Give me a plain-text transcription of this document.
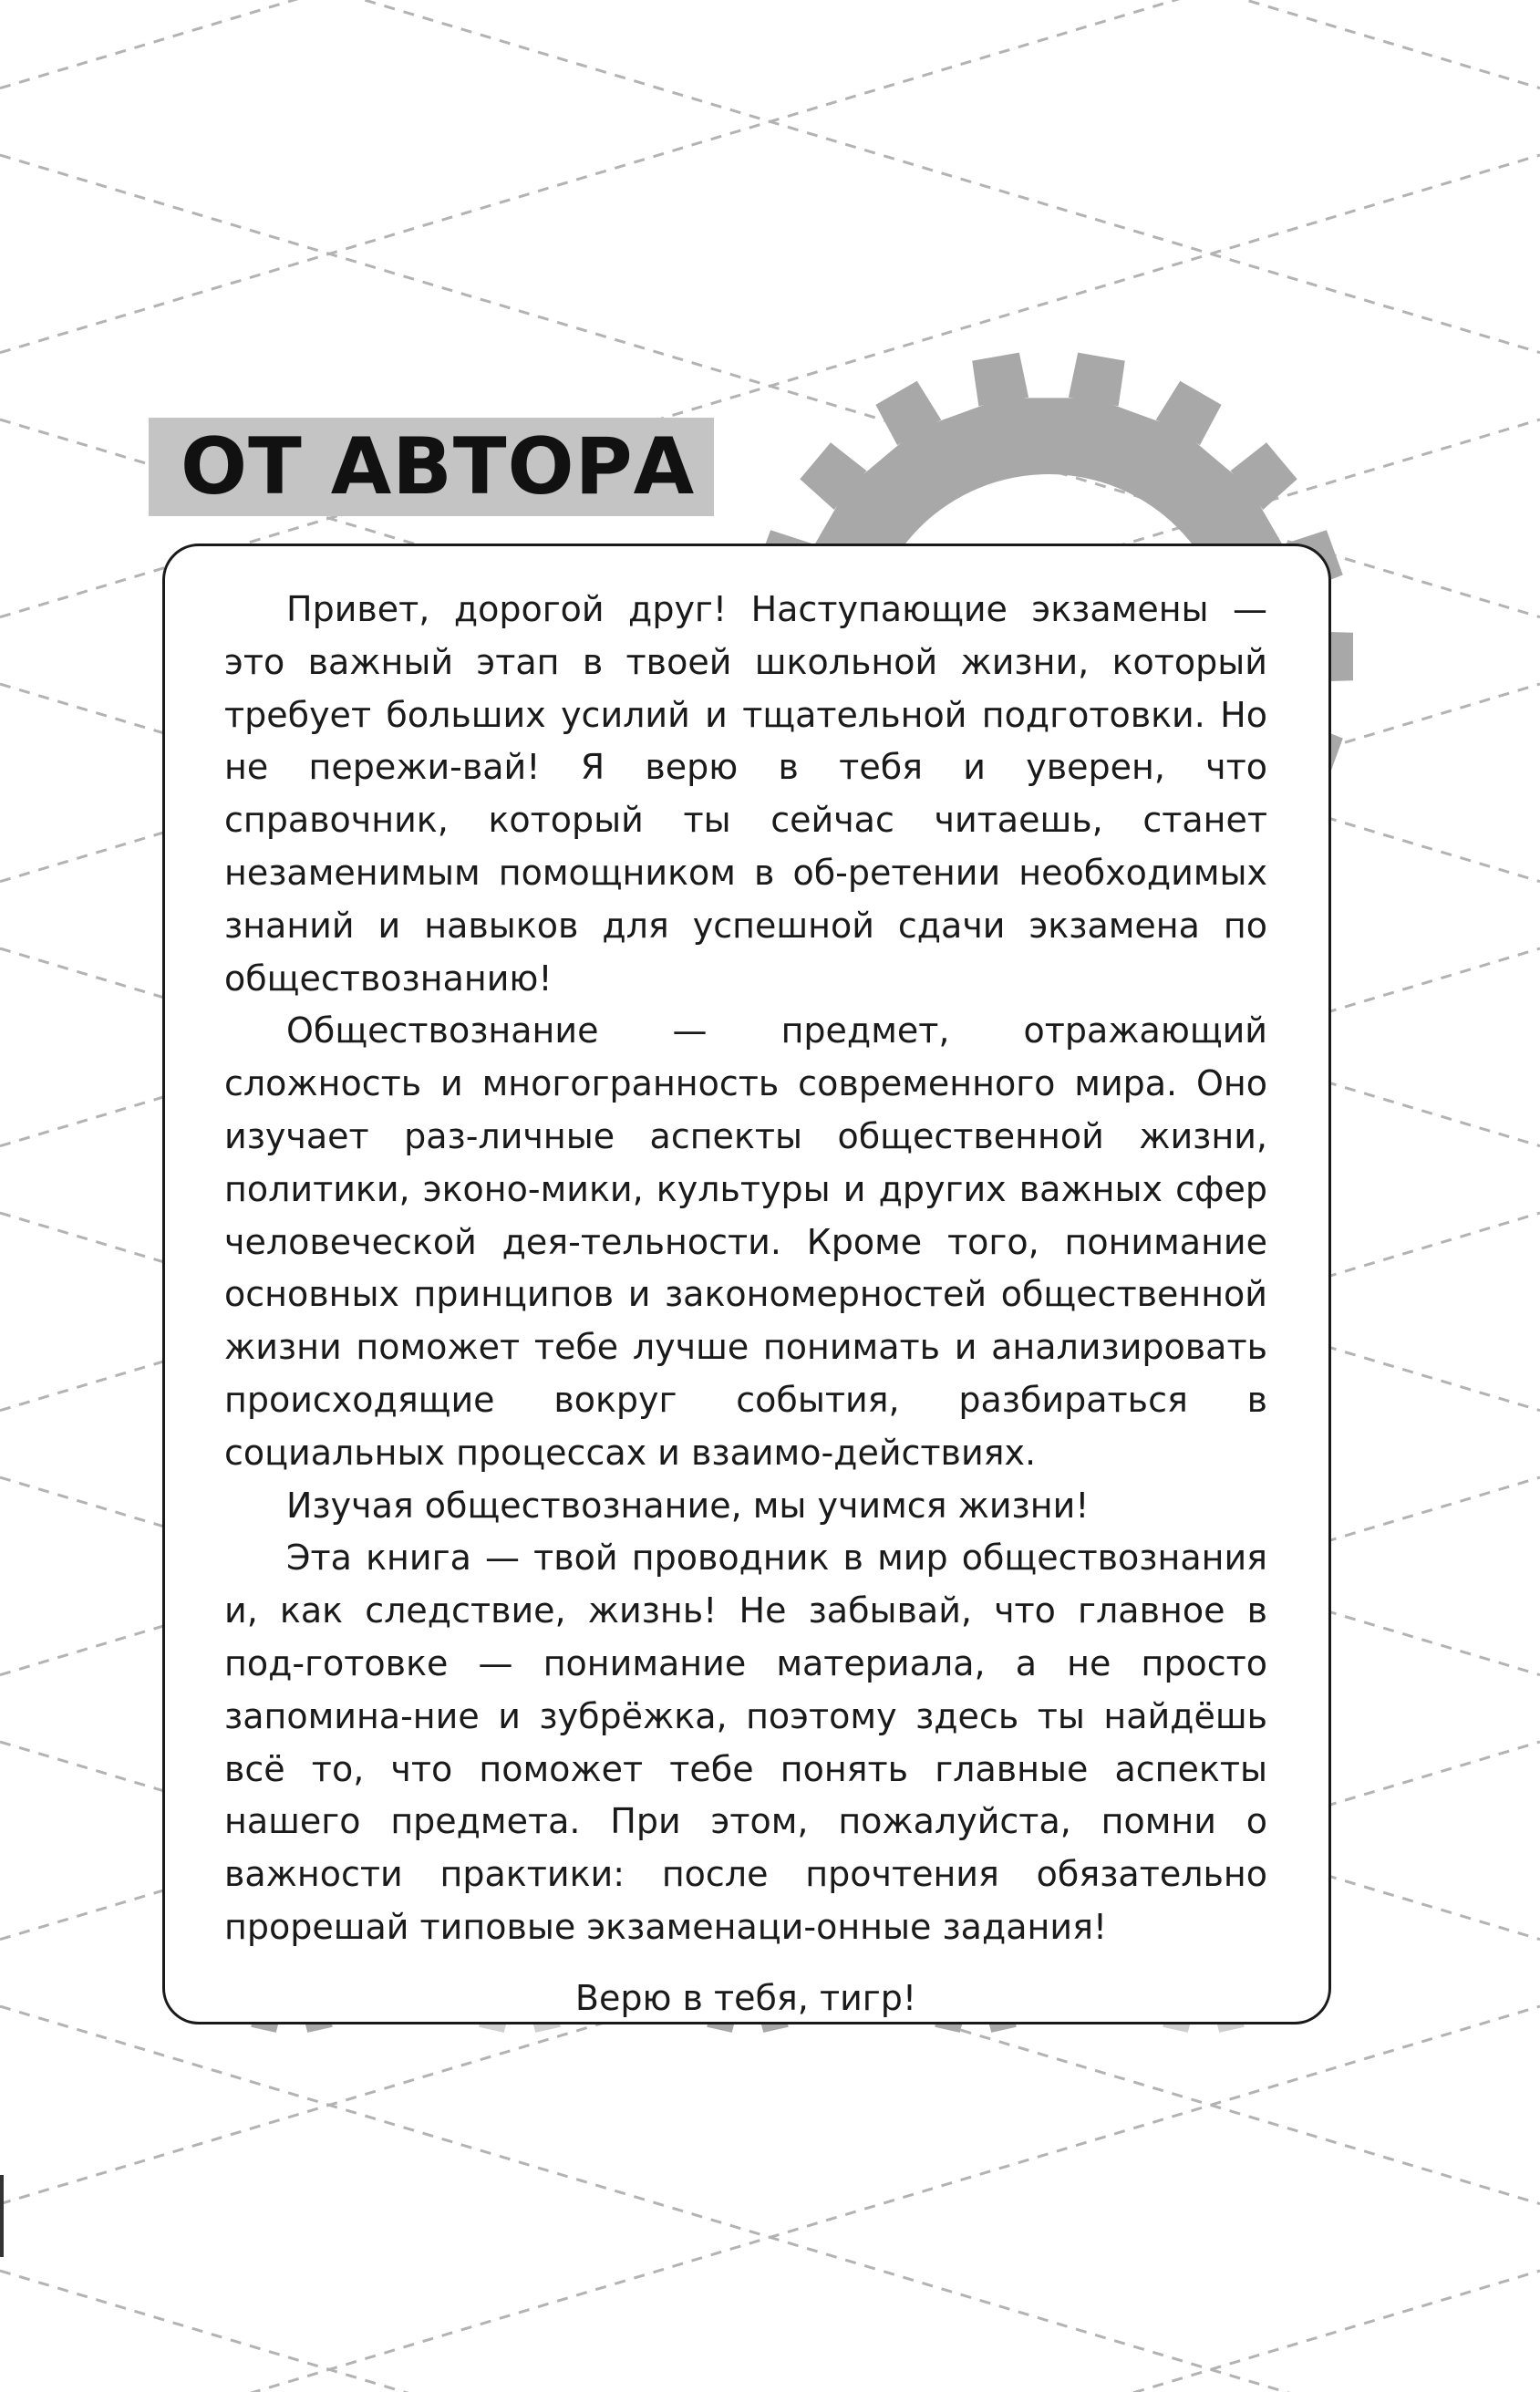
ОТ АВТОРА

Привет, дорогой друг! Наступающие экзамены — это важный этап в твоей школьной жизни, который требует больших усилий и тщательной подготовки. Но не пережи-вай! Я верю в тебя и уверен, что справочник, который ты сейчас читаешь, станет незаменимым помощником в об-ретении необходимых знаний и навыков для успешной сдачи экзамена по обществознанию!

Обществознание — предмет, отражающий сложность и многогранность современного мира. Оно изучает раз-личные аспекты общественной жизни, политики, эконо-мики, культуры и других важных сфер человеческой дея-тельности. Кроме того, понимание основных принципов и закономерностей общественной жизни поможет тебе лучше понимать и анализировать происходящие вокруг события, разбираться в социальных процессах и взаимо-действиях.

Изучая обществознание, мы учимся жизни!

Эта книга — твой проводник в мир обществознания и, как следствие, жизнь! Не забывай, что главное в под-готовке — понимание материала, а не просто запомина-ние и зубрёжка, поэтому здесь ты найдёшь всё то, что поможет тебе понять главные аспекты нашего предмета. При этом, пожалуйста, помни о важности практики: после прочтения обязательно прорешай типовые экзаменаци-онные задания!

Верю в тебя, тигр!
